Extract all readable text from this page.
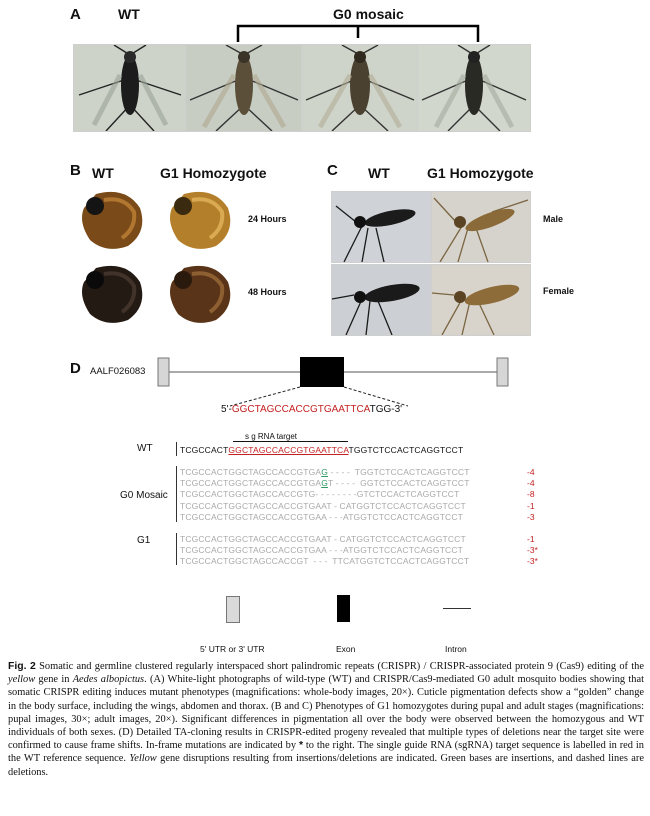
A	WT	G0 mosaic
B WT	G1 Homozygote
24 Hours
48 Hours
C WT	G1 Homozygote
Male
Female
D AALF026083
5'-GGCTAGCCACCGTGAATTCATGG-3'
WT
s g RNA target
TCGCCACTGGCTAGCCACCGTGAATTCATGGTCTCCACTCAGGTCCT
G0 Mosaic
TCGCCACTGGCTAGCCACCGTGAG - - - -  TGGTCTCCACTCAGGTCCT	-4
TCGCCACTGGCTAGCCACCGTGAGT - - - -  GGTCTCCACTCAGGTCCT	-4
TCGCCACTGGCTAGCCACCGTG- - - - - - - -GTCTCCACTCAGGTCCT	-8
TCGCCACTGGCTAGCCACCGTGAAT - CATGGTCTCCACTCAGGTCCT	-1
TCGCCACTGGCTAGCCACCGTGAA - - -ATGGTCTCCACTCAGGTCCT	-3
G1	TCGCCACTGGCTAGCCACCGTGAAT - CATGGTCTCCACTCAGGTCCT	-1
TCGCCACTGGCTAGCCACCGTGAA - - -ATGGTCTCCACTCAGGTCCT	-3*
TCGCCACTGGCTAGCCACCGT  - - -  TTCATGGTCTCCACTCAGGTCCT	-3*
5' UTR or 3' UTR	Exon	Intron
Fig. 2 Somatic and germline clustered regularly interspaced short palindromic repeats (CRISPR) / CRISPR-associated protein 9 (Cas9) editing of the yellow gene in Aedes albopictus. (A) White-light photographs of wild-type (WT) and CRISPR/Cas9-mediated G0 adult mosquito bodies showing that somatic CRISPR editing induces mutant phenotypes (magnifications: whole-body images, 20×). Cuticle pigmentation defects show a “golden” change in the body surface, including the wings, abdomen and thorax. (B and C) Phenotypes of G1 homozygotes during pupal and adult stages (magnifications: pupal images, 30×; adult images, 20×). Significant differences in pigmentation all over the body were observed between the homozygous and WT individuals of both sexes. (D) Detailed TA-cloning results in CRISPR-edited progeny revealed that multiple types of deletions near the target site were confirmed to cause frame shifts. In-frame mutations are indicated by * to the right. The single guide RNA (sgRNA) target sequence is labelled in red in the WT reference sequence. Yellow gene disruptions resulting from insertions/deletions are indicated. Green bases are insertions, and dashed lines are deletions.
